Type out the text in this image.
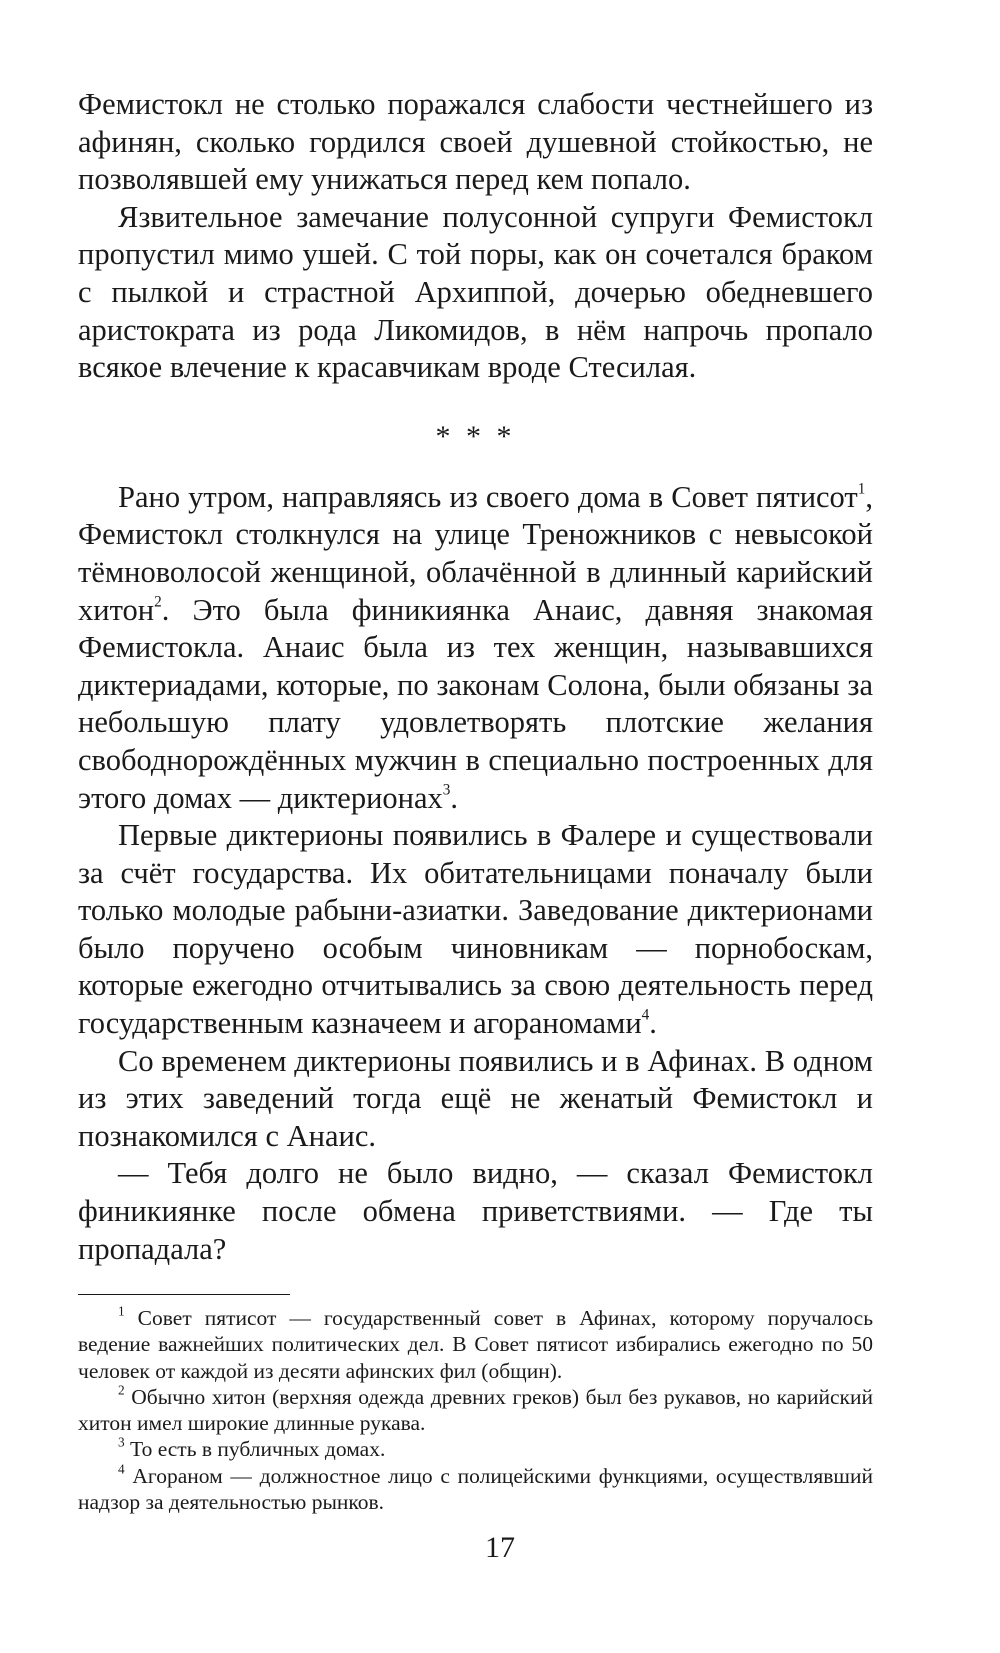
Фемистокл не столько поражался слабости честнейшего из афинян, сколько гордился своей душевной стойкостью, не позволявшей ему унижаться перед кем попало.

Язвительное замечание полусонной супруги Фемистокл пропустил мимо ушей. С той поры, как он сочетался браком с пылкой и страстной Архиппой, дочерью обедневшего аристократа из рода Ликомидов, в нём напрочь пропало всякое влечение к красавчикам вроде Стесилая.

* * *

Рано утром, направляясь из своего дома в Совет пятисот$^1$, Фемистокл столкнулся на улице Треножников с невысокой тёмноволосой женщиной, облачённой в длинный карийский хитон$^2$. Это была финикиянка Анаис, давняя знакомая Фемистокла. Анаис была из тех женщин, называвшихся диктериадами, которые, по законам Солона, были обязаны за небольшую плату удовлетворять плотские желания свободнорождённых мужчин в специально построенных для этого домах — диктерионах$^3$.

Первые диктерионы появились в Фалере и существовали за счёт государства. Их обитательницами поначалу были только молодые рабыни-азиатки. Заведование диктерионами было поручено особым чиновникам — порнобоскам, которые ежегодно отчитывались за свою деятельность перед государственным казначеем и агораномами$^4$.

Со временем диктерионы появились и в Афинах. В одном из этих заведений тогда ещё не женатый Фемистокл и познакомился с Анаис.

— Тебя долго не было видно, — сказал Фемистокл финикиянке после обмена приветствиями. — Где ты пропадала?

$^1$ Совет пятисот — государственный совет в Афинах, которому поручалось ведение важнейших политических дел. В Совет пятисот избирались ежегодно по 50 человек от каждой из десяти афинских фил (общин).

$^2$ Обычно хитон (верхняя одежда древних греков) был без рукавов, но карийский хитон имел широкие длинные рукава.

$^3$ То есть в публичных домах.

$^4$ Агораном — должностное лицо с полицейскими функциями, осуществлявший надзор за деятельностью рынков.

17
